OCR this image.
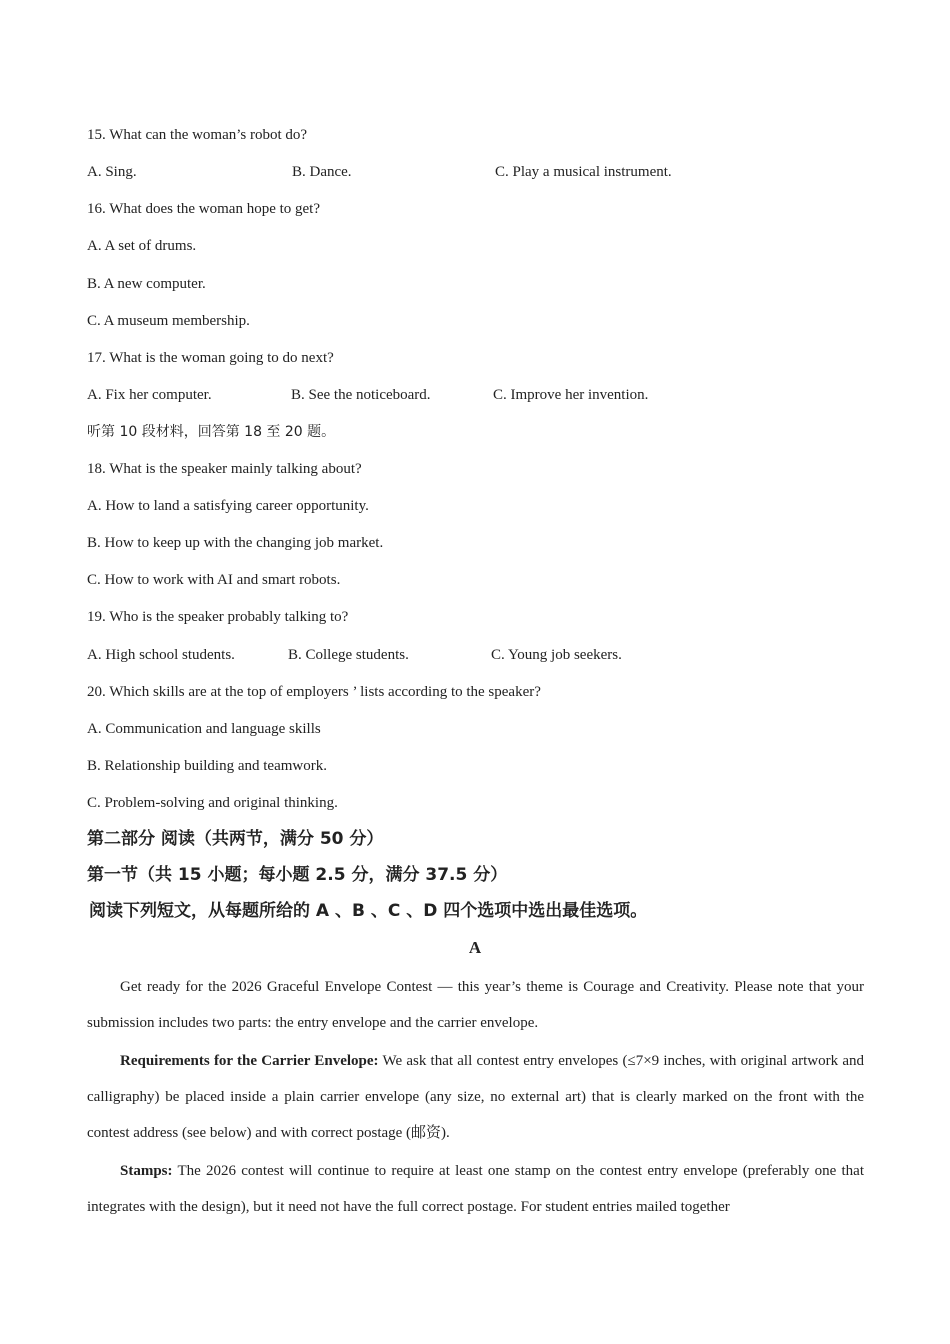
15. What can the woman’s robot do?
A. Sing.	B. Dance.	C. Play a musical instrument.
16. What does the woman hope to get?
A. A set of drums.
B. A new computer.
C. A museum membership.
17. What is the woman going to do next?
A. Fix her computer.	B. See the noticeboard.	C. Improve her invention.
听第 10 段材料，回答第 18 至 20 题。
18. What is the speaker mainly talking about?
A. How to land a satisfying career opportunity.
B. How to keep up with the changing job market.
C. How to work with AI and smart robots.
19. Who is the speaker probably talking to?
A. High school students.	B. College students.	C. Young job seekers.
20. Which skills are at the top of employers ’ lists according to the speaker?
A. Communication and language skills
B. Relationship building and teamwork.
C. Problem-solving and original thinking.
第二部分 阅读（共两节，满分 50 分）
第一节（共 15 小题；每小题 2.5 分，满分 37.5 分）
阅读下列短文，从每题所给的 A 、B 、C 、D 四个选项中选出最佳选项。
A
Get ready for the 2026 Graceful Envelope Contest — this year’s theme is Courage and Creativity. Please note that your submission includes two parts: the entry envelope and the carrier envelope.
Requirements for the Carrier Envelope: We ask that all contest entry envelopes (≤7×9 inches, with original artwork and calligraphy) be placed inside a plain carrier envelope (any size, no external art) that is clearly marked on the front with the contest address (see below) and with correct postage (邮资).
Stamps: The 2026 contest will continue to require at least one stamp on the contest entry envelope (preferably one that integrates with the design), but it need not have the full correct postage. For student entries mailed together
